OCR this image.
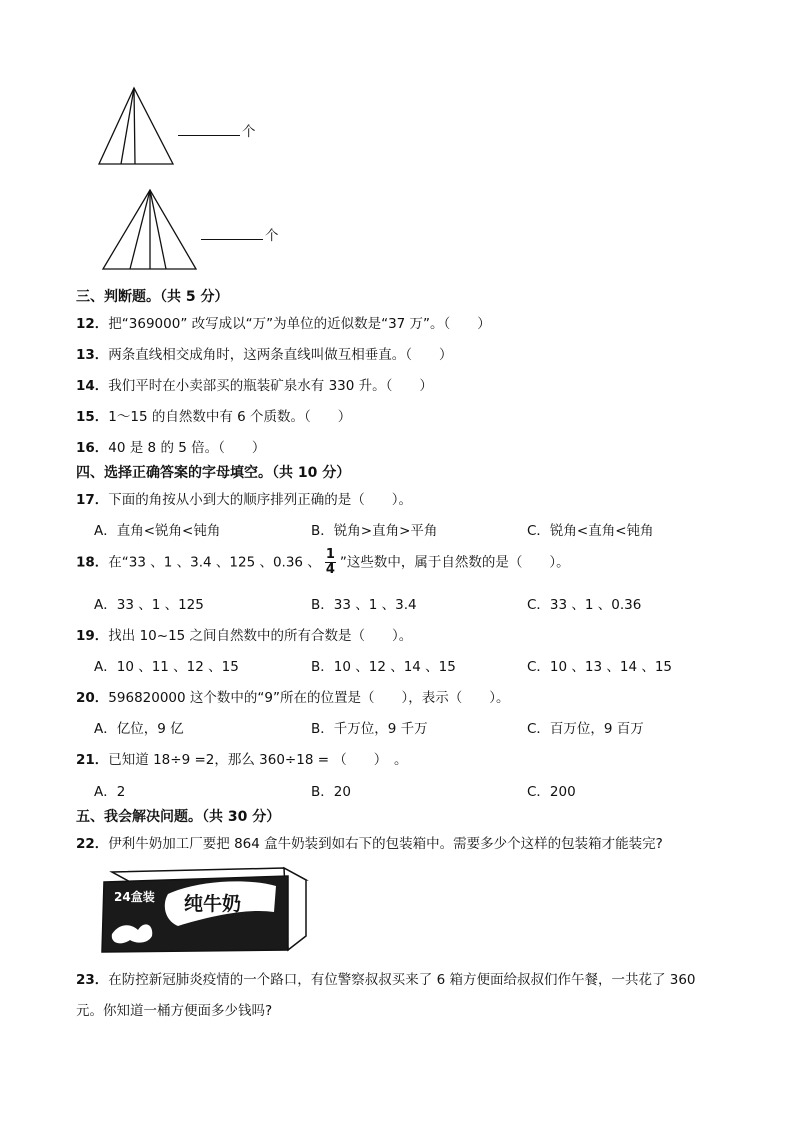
个
个
三、判断题。（共 5 分）
12．把“369000” 改写成以“万”为单位的近似数是“37 万”。（　　）
13．两条直线相交成角时，这两条直线叫做互相垂直。（　　）
14．我们平时在小卖部买的瓶装矿泉水有 330 升。（　　）
15．1～15 的自然数中有 6 个质数。（　　）
16．40 是 8 的 5 倍。（　　）
四、选择正确答案的字母填空。（共 10 分）
17．下面的角按从小到大的顺序排列正确的是（　　）。
A．直角<锐角<钝角	B．锐角>直角>平角	C．锐角<直角<钝角
18．在“33 、1 、3.4 、125 、0.36 、 $\frac{1}{4}$ ”这些数中，属于自然数的是（　　）。
A．33 、1 、125	B．33 、1 、3.4	C．33 、1 、0.36
19．找出 10~15 之间自然数中的所有合数是（　　）。
A．10 、11 、12 、15	B．10 、12 、14 、15	C．10 、13 、14 、15
20．596820000 这个数中的“9”所在的位置是（　　），表示（　　）。
A．亿位，9 亿	B．千万位，9 千万	C．百万位，9 百万
21．已知道 18÷9 =2，那么 360÷18 = （　　）　。
A．2	B．20	C．200
五、我会解决问题。（共 30 分）
22．伊利牛奶加工厂要把 864 盒牛奶装到如右下的包装箱中。需要多少个这样的包装箱才能装完?
24盒装 纯牛奶
23．在防控新冠肺炎疫情的一个路口，有位警察叔叔买来了 6 箱方便面给叔叔们作午餐，一共花了 360
元。你知道一桶方便面多少钱吗?
